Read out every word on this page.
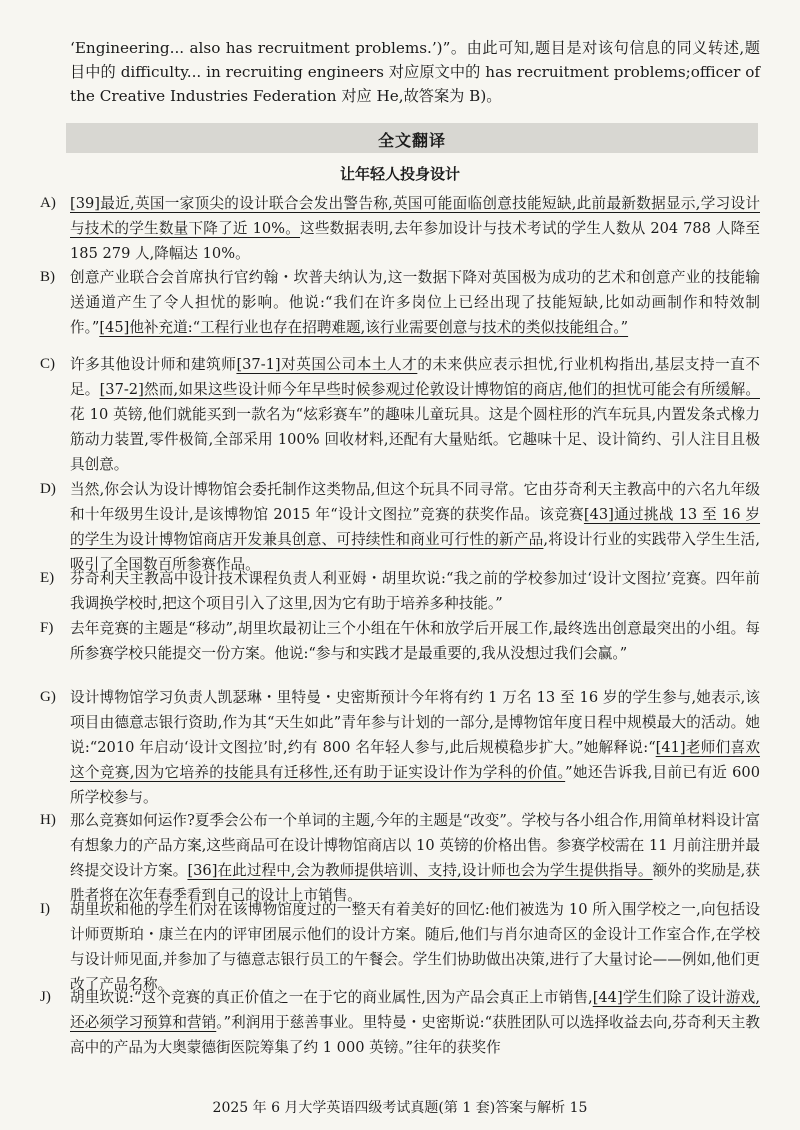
‘Engineering... also has recruitment problems.’)”。由此可知,题目是对该句信息的同义转述,题目中的 difficulty... in recruiting engineers 对应原文中的 has recruitment problems;officer of the Creative Industries Federation 对应 He,故答案为 B)。
全文翻译
让年轻人投身设计
A) [39]最近,英国一家顶尖的设计联合会发出警告称,英国可能面临创意技能短缺,此前最新数据显示,学习设计与技术的学生数量下降了近 10%。这些数据表明,去年参加设计与技术考试的学生人数从 204 788 人降至 185 279 人,降幅达 10%。
B) 创意产业联合会首席执行官约翰・坎普夫纳认为,这一数据下降对英国极为成功的艺术和创意产业的技能输送通道产生了令人担忧的影响。他说:“我们在许多岗位上已经出现了技能短缺,比如动画制作和特效制作。”[45]他补充道:“工程行业也存在招聘难题,该行业需要创意与技术的类似技能组合。”
C) 许多其他设计师和建筑师[37-1]对英国公司本土人才的未来供应表示担忧,行业机构指出,基层支持一直不足。[37-2]然而,如果这些设计师今年早些时候参观过伦敦设计博物馆的商店,他们的担忧可能会有所缓解。花 10 英镑,他们就能买到一款名为“炫彩赛车”的趣味儿童玩具。这是个圆柱形的汽车玩具,内置发条式橡力筋动力装置,零件极简,全部采用 100% 回收材料,还配有大量贴纸。它趣味十足、设计简约、引人注目且极具创意。
D) 当然,你会认为设计博物馆会委托制作这类物品,但这个玩具不同寻常。它由芬奇利天主教高中的六名九年级和十年级男生设计,是该博物馆 2015 年“设计文图拉”竞赛的获奖作品。该竞赛[43]通过挑战 13 至 16 岁的学生为设计博物馆商店开发兼具创意、可持续性和商业可行性的新产品,将设计行业的实践带入学生生活,吸引了全国数百所参赛作品。
E) 芬奇利天主教高中设计技术课程负责人利亚姆・胡里坎说:“我之前的学校参加过‘设计文图拉’竞赛。四年前我调换学校时,把这个项目引入了这里,因为它有助于培养多种技能。”
F) 去年竞赛的主题是“移动”,胡里坎最初让三个小组在午休和放学后开展工作,最终选出创意最突出的小组。每所参赛学校只能提交一份方案。他说:“参与和实践才是最重要的,我从没想过我们会赢。”
G) 设计博物馆学习负责人凯瑟琳・里特曼・史密斯预计今年将有约 1 万名 13 至 16 岁的学生参与,她表示,该项目由德意志银行资助,作为其“天生如此”青年参与计划的一部分,是博物馆年度日程中规模最大的活动。她说:“2010 年启动‘设计文图拉’时,约有 800 名年轻人参与,此后规模稳步扩大。”她解释说:“[41]老师们喜欢这个竞赛,因为它培养的技能具有迁移性,还有助于证实设计作为学科的价值。”她还告诉我,目前已有近 600 所学校参与。
H) 那么竞赛如何运作?夏季会公布一个单词的主题,今年的主题是“改变”。学校与各小组合作,用简单材料设计富有想象力的产品方案,这些商品可在设计博物馆商店以 10 英镑的价格出售。参赛学校需在 11 月前注册并最终提交设计方案。[36]在此过程中,会为教师提供培训、支持,设计师也会为学生提供指导。额外的奖励是,获胜者将在次年春季看到自己的设计上市销售。
I) 胡里坎和他的学生们对在该博物馆度过的一整天有着美好的回忆:他们被选为 10 所入围学校之一,向包括设计师贾斯珀・康兰在内的评审团展示他们的设计方案。随后,他们与肖尔迪奇区的金设计工作室合作,在学校与设计师见面,并参加了与德意志银行员工的午餐会。学生们协助做出决策,进行了大量讨论——例如,他们更改了产品名称。
J) 胡里坎说:“这个竞赛的真正价值之一在于它的商业属性,因为产品会真正上市销售,[44]学生们除了设计游戏,还必须学习预算和营销。”利润用于慈善事业。里特曼・史密斯说:“获胜团队可以选择收益去向,芬奇利天主教高中的产品为大奥蒙德街医院筹集了约 1 000 英镑。”往年的获奖作
2025 年 6 月大学英语四级考试真题(第 1 套)答案与解析 15
